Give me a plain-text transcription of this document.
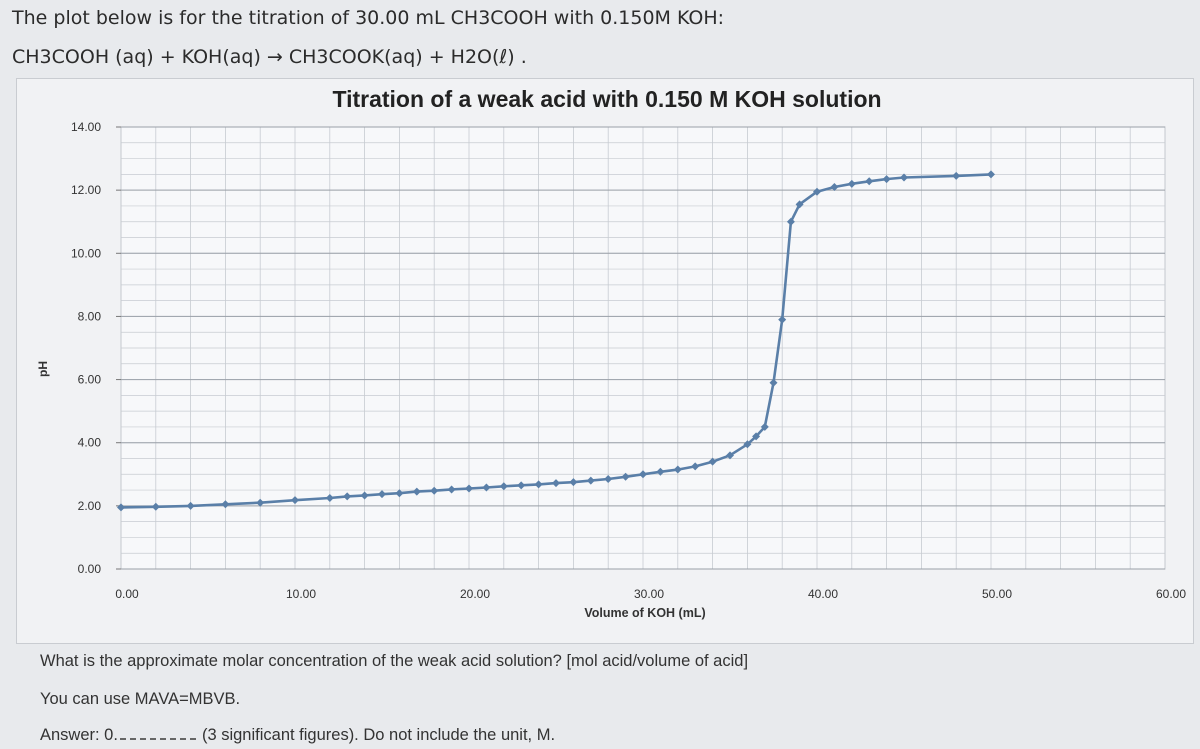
The plot below is for the titration of 30.00 mL CH3COOH with 0.150M KOH:
CH3COOH (aq) + KOH(aq) → CH3COOK(aq) + H2O(ℓ) .
Titration of a weak acid with 0.150 M KOH solution
0.00
2.00
4.00
6.00
8.00
10.00
12.00
14.00
0.00	10.00	20.00	30.00	40.00	50.00	60.00
Volume of KOH (mL)
pH
What is the approximate molar concentration of the weak acid solution? [mol acid/volume of acid]
You can use MAVA=MBVB.
Answer: 0.	(3 significant figures). Do not include the unit, M.
